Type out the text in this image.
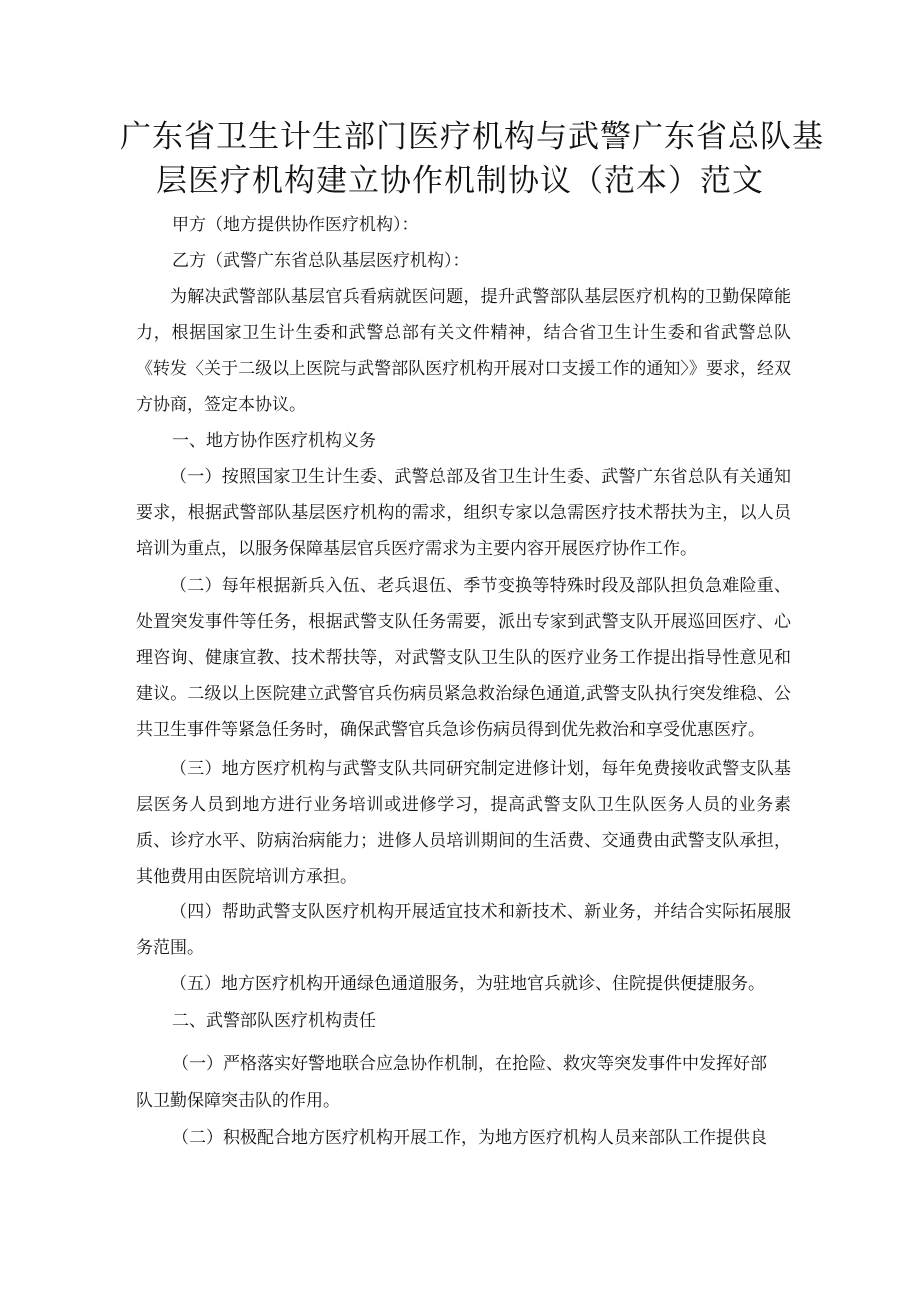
广东省卫生计生部门医疗机构与武警广东省总队基
层医疗机构建立协作机制协议（范本）范文

甲方（地方提供协作医疗机构）：

乙方（武警广东省总队基层医疗机构）：

为解决武警部队基层官兵看病就医问题，提升武警部队基层医疗机构的卫勤保障能力，根据国家卫生计生委和武警总部有关文件精神，结合省卫生计生委和省武警总队《转发〈关于二级以上医院与武警部队医疗机构开展对口支援工作的通知〉》要求，经双方协商，签定本协议。

一、地方协作医疗机构义务

（一）按照国家卫生计生委、武警总部及省卫生计生委、武警广东省总队有关通知要求，根据武警部队基层医疗机构的需求，组织专家以急需医疗技术帮扶为主，以人员培训为重点，以服务保障基层官兵医疗需求为主要内容开展医疗协作工作。

（二）每年根据新兵入伍、老兵退伍、季节变换等特殊时段及部队担负急难险重、处置突发事件等任务，根据武警支队任务需要，派出专家到武警支队开展巡回医疗、心理咨询、健康宣教、技术帮扶等，对武警支队卫生队的医疗业务工作提出指导性意见和建议。二级以上医院建立武警官兵伤病员紧急救治绿色通道,武警支队执行突发维稳、公共卫生事件等紧急任务时，确保武警官兵急诊伤病员得到优先救治和享受优惠医疗。

（三）地方医疗机构与武警支队共同研究制定进修计划，每年免费接收武警支队基层医务人员到地方进行业务培训或进修学习，提高武警支队卫生队医务人员的业务素质、诊疗水平、防病治病能力；进修人员培训期间的生活费、交通费由武警支队承担，其他费用由医院培训方承担。

（四）帮助武警支队医疗机构开展适宜技术和新技术、新业务，并结合实际拓展服务范围。

（五）地方医疗机构开通绿色通道服务，为驻地官兵就诊、住院提供便捷服务。

二、武警部队医疗机构责任

（一）严格落实好警地联合应急协作机制，在抢险、救灾等突发事件中发挥好部

队卫勤保障突击队的作用。

（二）积极配合地方医疗机构开展工作，为地方医疗机构人员来部队工作提供良
